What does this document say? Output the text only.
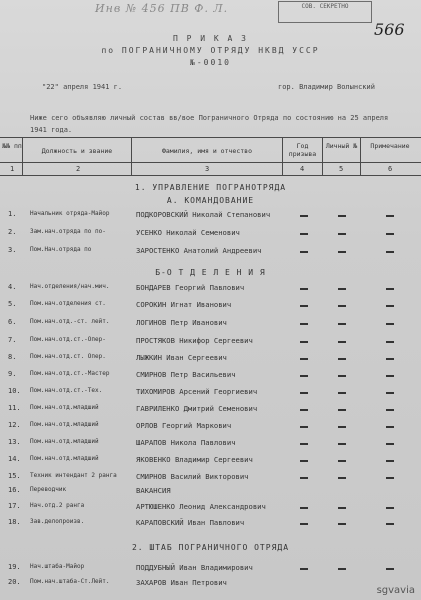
Инв № 456 ПВ Ф. Л.	СОВ. СЕКРЕТНО
566
П Р И К А З
по ПОГРАНИЧНОМУ ОТРЯДУ НКВД УССР
№-0010
"22" апреля 1941 г.	гор. Владимир Волынский
Ниже сего объявляю личный состав вв/вое Пограничного Отряда по состоянию на 25 апреля 1941 года.
№№ пп
Должность и звание	Фамилия, имя и отчество
Год призыва
Личный №	Примечание
1	2	3	4	5	6
1. УПРАВЛЕНИЕ ПОГРАНОТРЯДА
А. КОМАНДОВАНИЕ
Б-О Т Д Е Л Е Н И Я
2. ШТАБ ПОГРАНИЧНОГО ОТРЯДА
1. Начальник отряда-Майор	ПОДКОРОВСКИЙ Николай Степанович
2. Зам.нач.отряда по по-	УСЕНКО Николай Семенович
3. Пом.Нач.отряда по	ЗАРОСТЕНКО Анатолий Андреевич
4. Нач.отделения/нач.мич.	БОНДАРЕВ Георгий Павлович
5. Пом.нач.отделения ст.	СОРОКИН Игнат Иванович
6. Пом.нач.отд.-ст. лейт.	ЛОГИНОВ Петр Иванович
7. Пом.нач.отд.ст.-Опер-	ПРОСТЯКОВ Никифор Сергеевич
8. Пом.нач.отд.ст. Опер.	ЛЫЖКИН Иван Сергеевич
9. Пом.нач.отд.ст.-Мастер	СМИРНОВ Петр Васильевич
10. Пом.нач.отд.ст.-Тех.	ТИХОМИРОВ Арсений Георгиевич
11. Пом.нач.отд.младший	ГАВРИЛЕНКО Дмитрий Семенович
12. Пом.нач.отд.младший	ОРЛОВ Георгий Маркович
13. Пом.нач.отд.младший	ШАРАПОВ Никола Павлович
14. Пом.нач.отд.младший	ЯКОВЕНКО Владимир Сергеевич
15. Техник интендант 2 ранга	СМИРНОВ Василий Викторович
16. Переводчик	ВАКАНСИЯ
17. Нач.отд.2 ранга	АРТЮШЕНКО Леонид Александрович
18. Зав.делопроизв.	КАРАПОВСКИЙ Иван Павлович
19. Нач.штаба-Майор	ПОДДУБНЫЙ Иван Владимирович
20. Пом.нач.штаба-Ст.Лейт.	ЗАХАРОВ Иван Петрович
sgvavia
